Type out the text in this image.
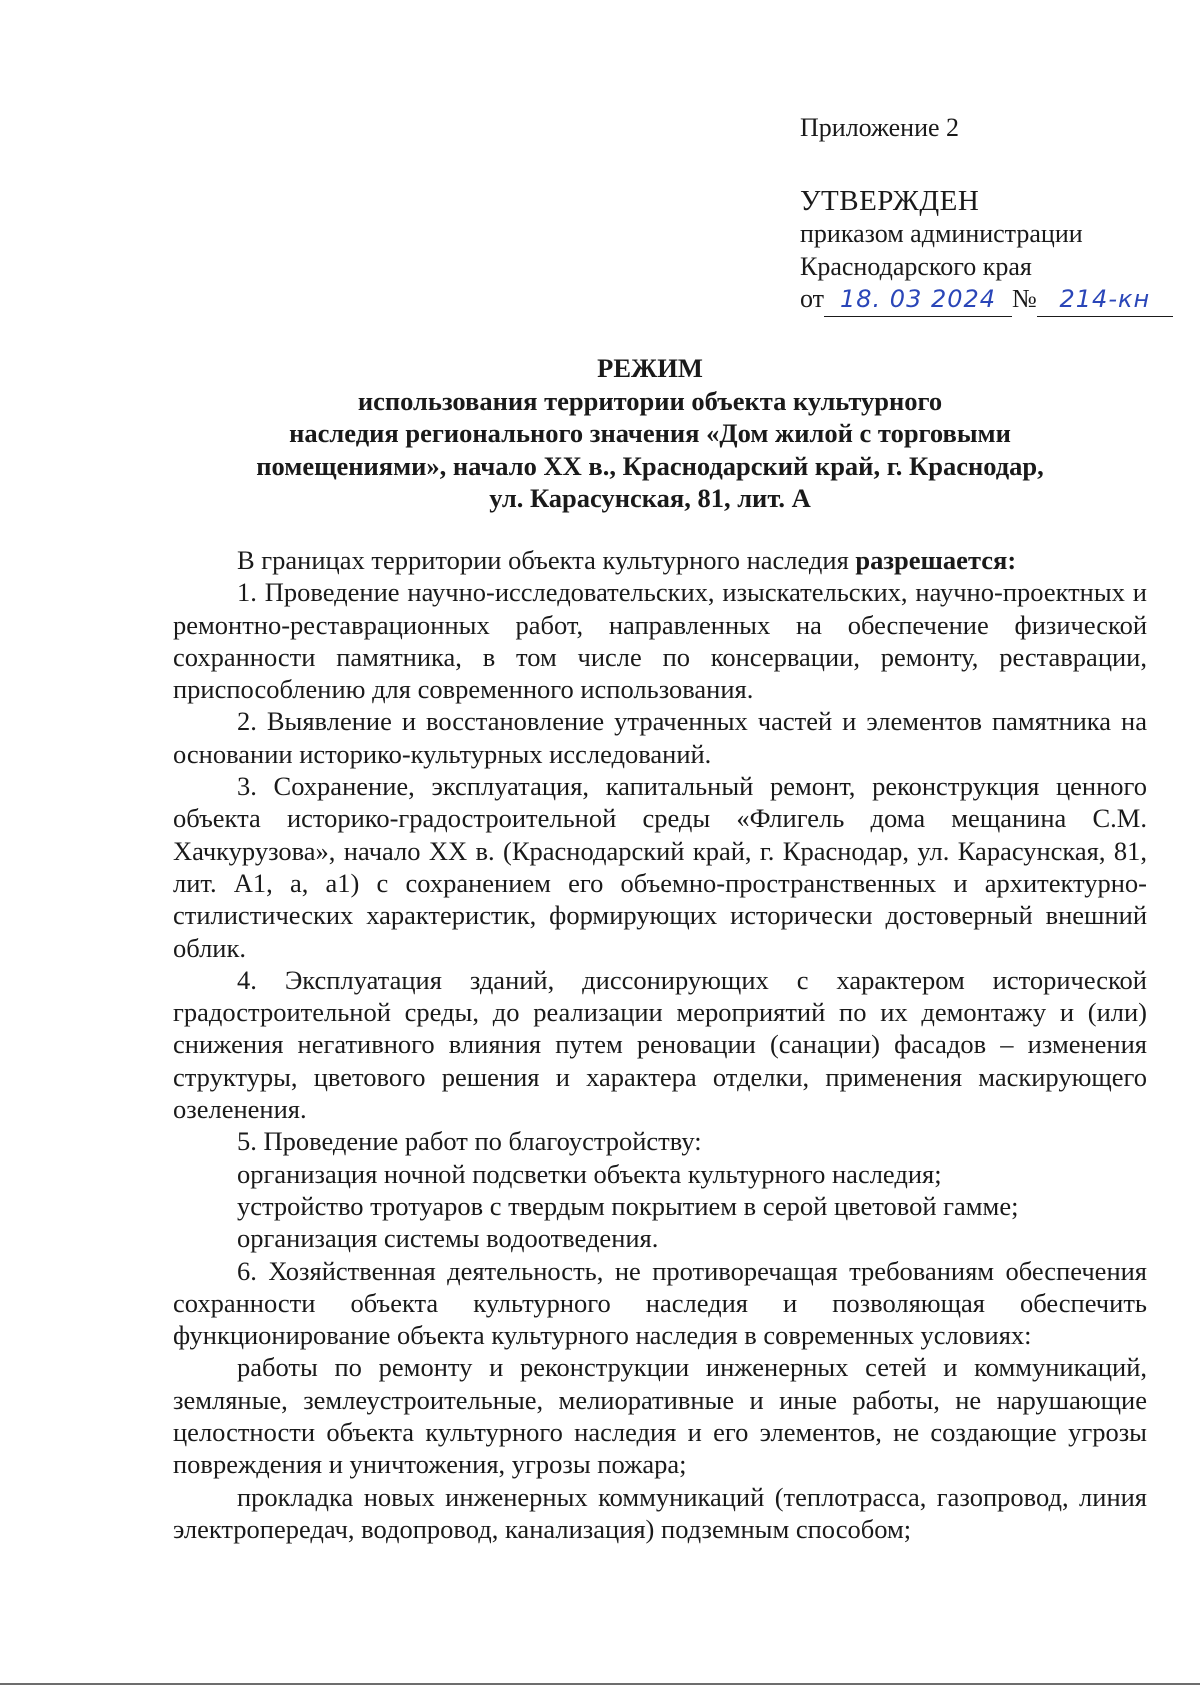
Приложение 2
УТВЕРЖДЕН
приказом администрации
Краснодарского края
от 18. 03 2024 № 214-кн
РЕЖИМ
использования территории объекта культурного
наследия регионального значения «Дом жилой с торговыми
помещениями», начало XX в., Краснодарский край, г. Краснодар,
ул. Карасунская, 81, лит. А

В границах территории объекта культурного наследия разрешается:

1. Проведение научно-исследовательских, изыскательских, научно-проектных и ремонтно-реставрационных работ, направленных на обеспечение физической сохранности памятника, в том числе по консервации, ремонту, реставрации, приспособлению для современного использования.

2. Выявление и восстановление утраченных частей и элементов памятника на основании историко-культурных исследований.

3. Сохранение, эксплуатация, капитальный ремонт, реконструкция ценного объекта историко-градостроительной среды «Флигель дома мещанина С.М. Хачкурузова», начало XX в. (Краснодарский край, г. Краснодар, ул. Карасунская, 81, лит. А1, а, а1) с сохранением его объемно-пространственных и архитектурно-стилистических характеристик, формирующих исторически достоверный внешний облик.

4. Эксплуатация зданий, диссонирующих с характером исторической градостроительной среды, до реализации мероприятий по их демонтажу и (или) снижения негативного влияния путем реновации (санации) фасадов – изменения структуры, цветового решения и характера отделки, применения маскирующего озеленения.

5. Проведение работ по благоустройству:

организация ночной подсветки объекта культурного наследия;

устройство тротуаров с твердым покрытием в серой цветовой гамме;

организация системы водоотведения.

6. Хозяйственная деятельность, не противоречащая требованиям обеспечения сохранности объекта культурного наследия и позволяющая обеспечить функционирование объекта культурного наследия в современных условиях:

работы по ремонту и реконструкции инженерных сетей и коммуникаций, земляные, землеустроительные, мелиоративные и иные работы, не нарушающие целостности объекта культурного наследия и его элементов, не создающие угрозы повреждения и уничтожения, угрозы пожара;

прокладка новых инженерных коммуникаций (теплотрасса, газопровод, линия электропередач, водопровод, канализация) подземным способом;
